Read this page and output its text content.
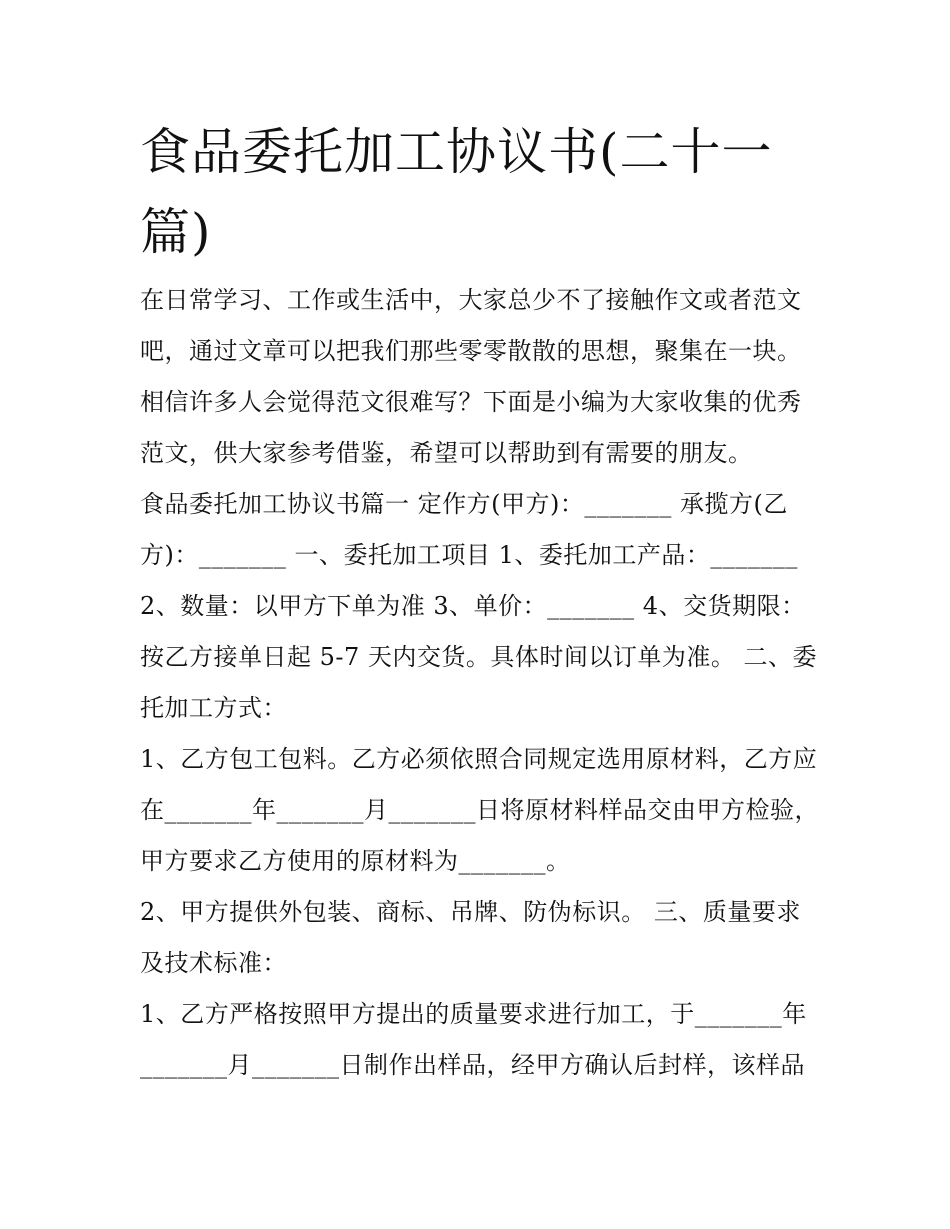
食品委托加工协议书(二十一篇)

在日常学习、工作或生活中，大家总少不了接触作文或者范文吧，通过文章可以把我们那些零零散散的思想，聚集在一块。相信许多人会觉得范文很难写？下面是小编为大家收集的优秀范文，供大家参考借鉴，希望可以帮助到有需要的朋友。

食品委托加工协议书篇一 定作方(甲方)：_______ 承揽方(乙方)：_______ 一、委托加工项目 1、委托加工产品：_______ 2、数量：以甲方下单为准 3、单价：_______ 4、交货期限：按乙方接单日起 5-7 天内交货。具体时间以订单为准。 二、委托加工方式：

1、乙方包工包料。乙方必须依照合同规定选用原材料，乙方应在_______年_______月_______日将原材料样品交由甲方检验，甲方要求乙方使用的原材料为_______。

2、甲方提供外包装、商标、吊牌、防伪标识。 三、质量要求及技术标准：

1、乙方严格按照甲方提出的质量要求进行加工，于_______年_______月_______日制作出样品，经甲方确认后封样，该样品
